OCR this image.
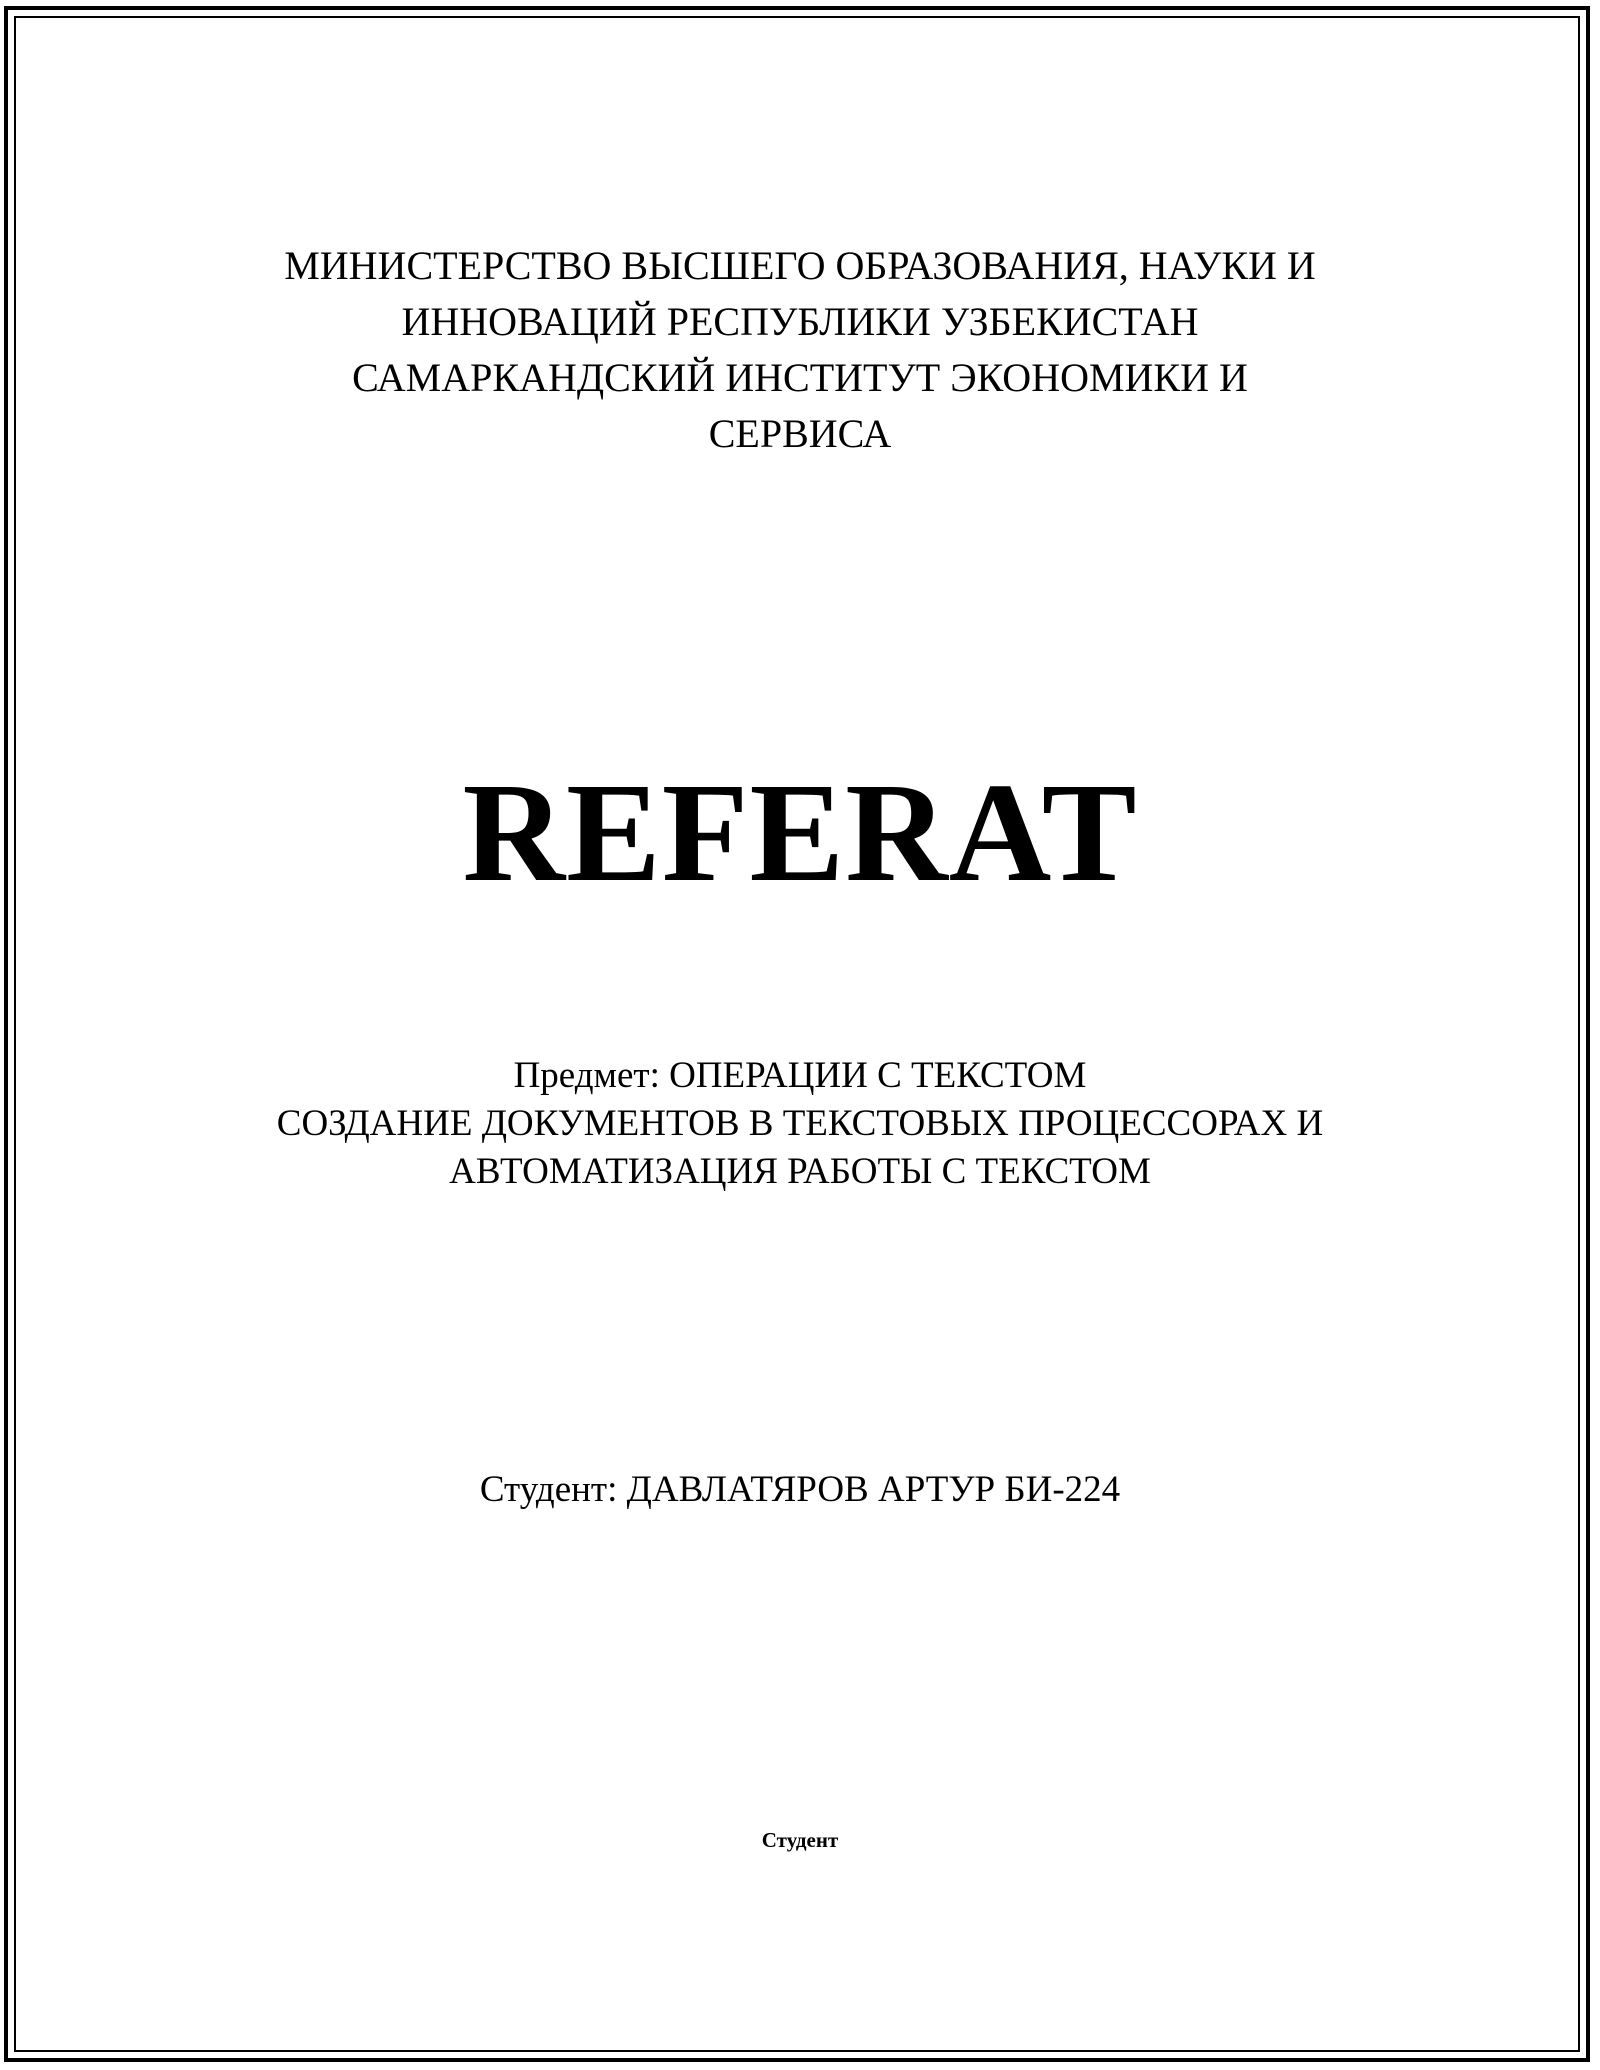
МИНИСТЕРСТВО ВЫСШЕГО ОБРАЗОВАНИЯ, НАУКИ И
ИННОВАЦИЙ РЕСПУБЛИКИ УЗБЕКИСТАН
САМАРКАНДСКИЙ ИНСТИТУТ ЭКОНОМИКИ И
СЕРВИСА
REFERAT
Предмет: ОПЕРАЦИИ С ТЕКСТОМ
СОЗДАНИЕ ДОКУМЕНТОВ В ТЕКСТОВЫХ ПРОЦЕССОРАХ И
АВТОМАТИЗАЦИЯ РАБОТЫ С ТЕКСТОМ
Студент: ДАВЛАТЯРОВ АРТУР БИ-224
Студент
